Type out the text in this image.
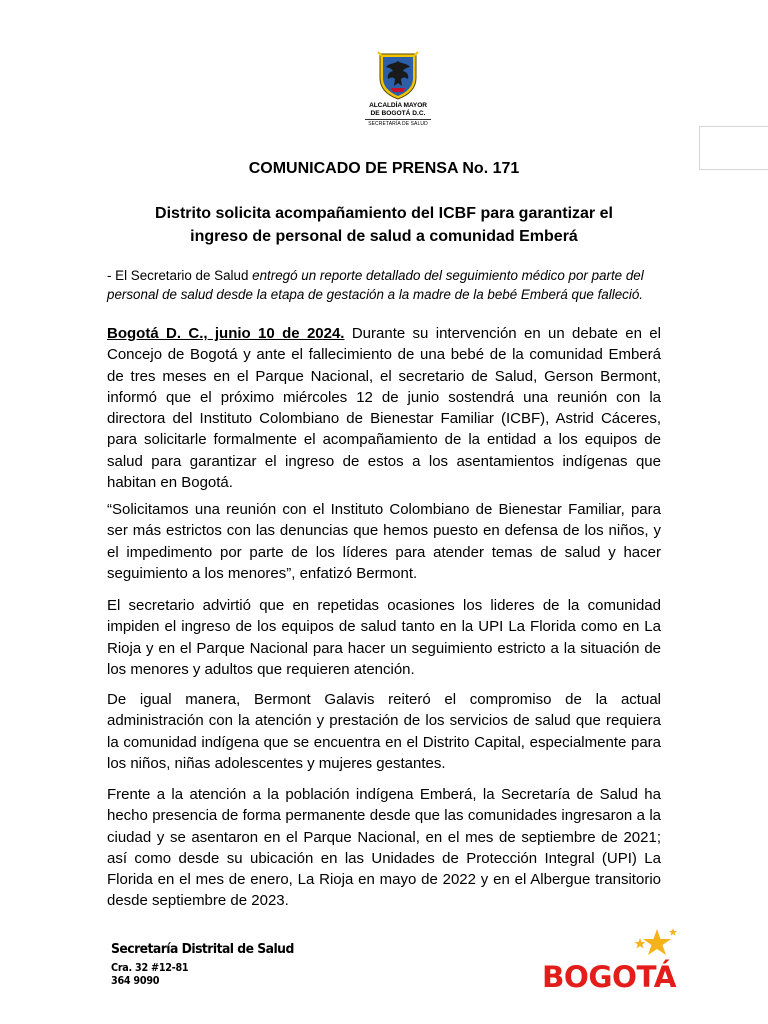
ALCALDÍA MAYOR
DE BOGOTÁ D.C.
SECRETARÍA DE SALUD
COMUNICADO DE PRENSA No. 171
Distrito solicita acompañamiento del ICBF para garantizar el
ingreso de personal de salud a comunidad Emberá
- El Secretario de Salud entregó un reporte detallado del seguimiento médico por parte del
personal de salud desde la etapa de gestación a la madre de la bebé Emberá que falleció.
Bogotá D. C., junio 10 de 2024. Durante su intervención en un debate en el Concejo de Bogotá y ante el fallecimiento de una bebé de la comunidad Emberá de tres meses en el Parque Nacional, el secretario de Salud, Gerson Bermont, informó que el próximo miércoles 12 de junio sostendrá una reunión con la directora del Instituto Colombiano de Bienestar Familiar (ICBF), Astrid Cáceres, para solicitarle formalmente el acompañamiento de la entidad a los equipos de salud para garantizar el ingreso de estos a los asentamientos indígenas que habitan en Bogotá.
“Solicitamos una reunión con el Instituto Colombiano de Bienestar Familiar, para ser más estrictos con las denuncias que hemos puesto en defensa de los niños, y el impedimento por parte de los líderes para atender temas de salud y hacer seguimiento a los menores”, enfatizó Bermont.
El secretario advirtió que en repetidas ocasiones los lideres de la comunidad impiden el ingreso de los equipos de salud tanto en la UPI La Florida como en La Rioja y en el Parque Nacional para hacer un seguimiento estricto a la situación de los menores y adultos que requieren atención.
De igual manera, Bermont Galavis reiteró el compromiso de la actual administración con la atención y prestación de los servicios de salud que requiera la comunidad indígena que se encuentra en el Distrito Capital, especialmente para los niños, niñas adolescentes y mujeres gestantes.
Frente a la atención a la población indígena Emberá, la Secretaría de Salud ha hecho presencia de forma permanente desde que las comunidades ingresaron a la ciudad y se asentaron en el Parque Nacional, en el mes de septiembre de 2021; así como desde su ubicación en las Unidades de Protección Integral (UPI) La Florida en el mes de enero, La Rioja en mayo de 2022 y en el Albergue transitorio desde septiembre de 2023.
Secretaría Distrital de Salud
Cra. 32 #12-81
364 9090	BOGOTÁ
